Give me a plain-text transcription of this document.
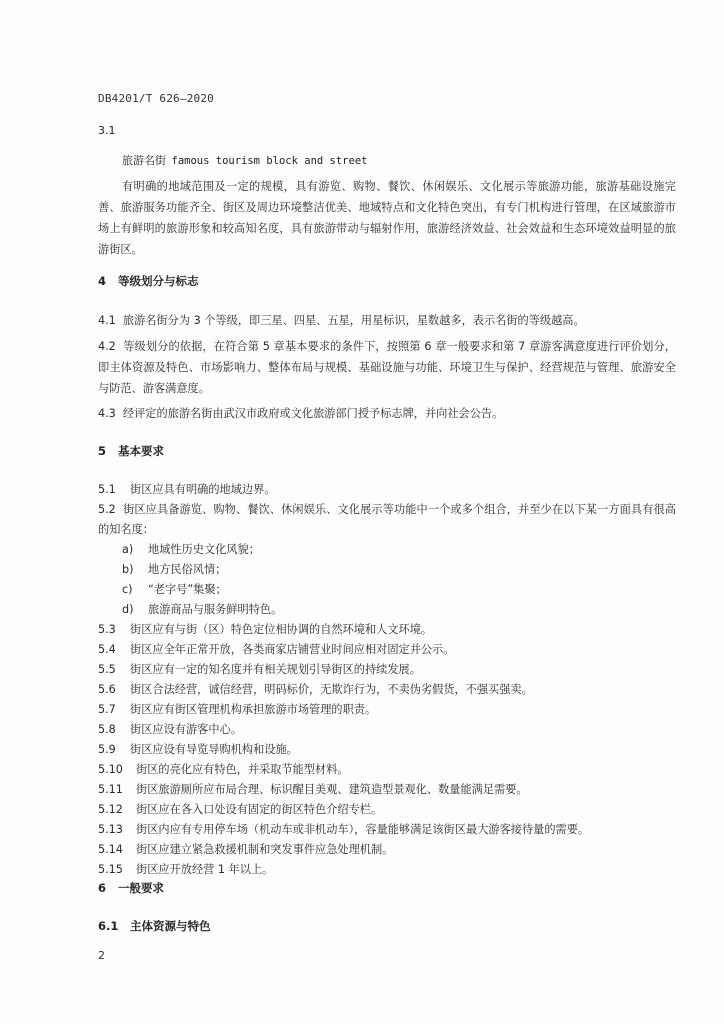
DB4201/T 626—2020
3.1
旅游名街 famous tourism block and street
有明确的地域范围及一定的规模，具有游览、购物、餐饮、休闲娱乐、文化展示等旅游功能，旅游基础设施完善、旅游服务功能齐全、街区及周边环境整洁优美、地域特点和文化特色突出，有专门机构进行管理，在区域旅游市场上有鲜明的旅游形象和较高知名度，具有旅游带动与辐射作用，旅游经济效益、社会效益和生态环境效益明显的旅游街区。
4 等级划分与标志
4.1 旅游名街分为 3 个等级，即三星、四星、五星，用星标识，星数越多，表示名街的等级越高。
4.2 等级划分的依据，在符合第 5 章基本要求的条件下，按照第 6 章一般要求和第 7 章游客满意度进行评价划分，即主体资源及特色、市场影响力、整体布局与规模、基础设施与功能、环境卫生与保护、经营规范与管理、旅游安全与防范、游客满意度。
4.3 经评定的旅游名街由武汉市政府或文化旅游部门授予标志牌，并向社会公告。
5 基本要求
5.1 街区应具有明确的地域边界。
5.2 街区应具备游览、购物、餐饮、休闲娱乐、文化展示等功能中一个或多个组合，并至少在以下某一方面具有很高的知名度：
a) 地域性历史文化风貌；
b) 地方民俗风情；
c) “老字号”集聚；
d) 旅游商品与服务鲜明特色。
5.3 街区应有与街（区）特色定位相协调的自然环境和人文环境。
5.4 街区应全年正常开放，各类商家店铺营业时间应相对固定并公示。
5.5 街区应有一定的知名度并有相关规划引导街区的持续发展。
5.6 街区合法经营，诚信经营，明码标价，无欺诈行为，不卖伪劣假货，不强买强卖。
5.7 街区应有街区管理机构承担旅游市场管理的职责。
5.8 街区应设有游客中心。
5.9 街区应设有导览导购机构和设施。
5.10 街区的亮化应有特色，并采取节能型材料。
5.11 街区旅游厕所应布局合理、标识醒目美观、建筑造型景观化、数量能满足需要。
5.12 街区应在各入口处设有固定的街区特色介绍专栏。
5.13 街区内应有专用停车场（机动车或非机动车），容量能够满足该街区最大游客接待量的需要。
5.14 街区应建立紧急救援机制和突发事件应急处理机制。
5.15 街区应开放经营 1 年以上。
6 一般要求
6.1 主体资源与特色
2
